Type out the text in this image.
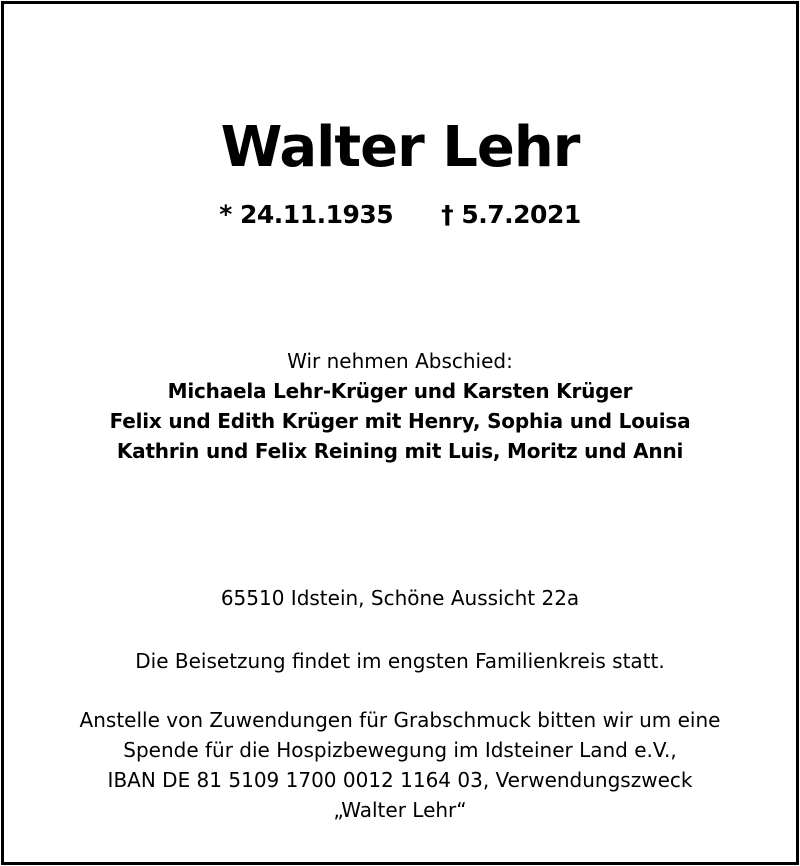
Walter Lehr
* 24.11.1935 † 5.7.2021
Wir nehmen Abschied:
Michaela Lehr-Krüger und Karsten Krüger
Felix und Edith Krüger mit Henry, Sophia und Louisa
Kathrin und Felix Reining mit Luis, Moritz und Anni
65510 Idstein, Schöne Aussicht 22a
Die Beisetzung findet im engsten Familienkreis statt.
Anstelle von Zuwendungen für Grabschmuck bitten wir um eine
Spende für die Hospizbewegung im Idsteiner Land e.V.,
IBAN DE 81 5109 1700 0012 1164 03, Verwendungszweck
„Walter Lehr“
